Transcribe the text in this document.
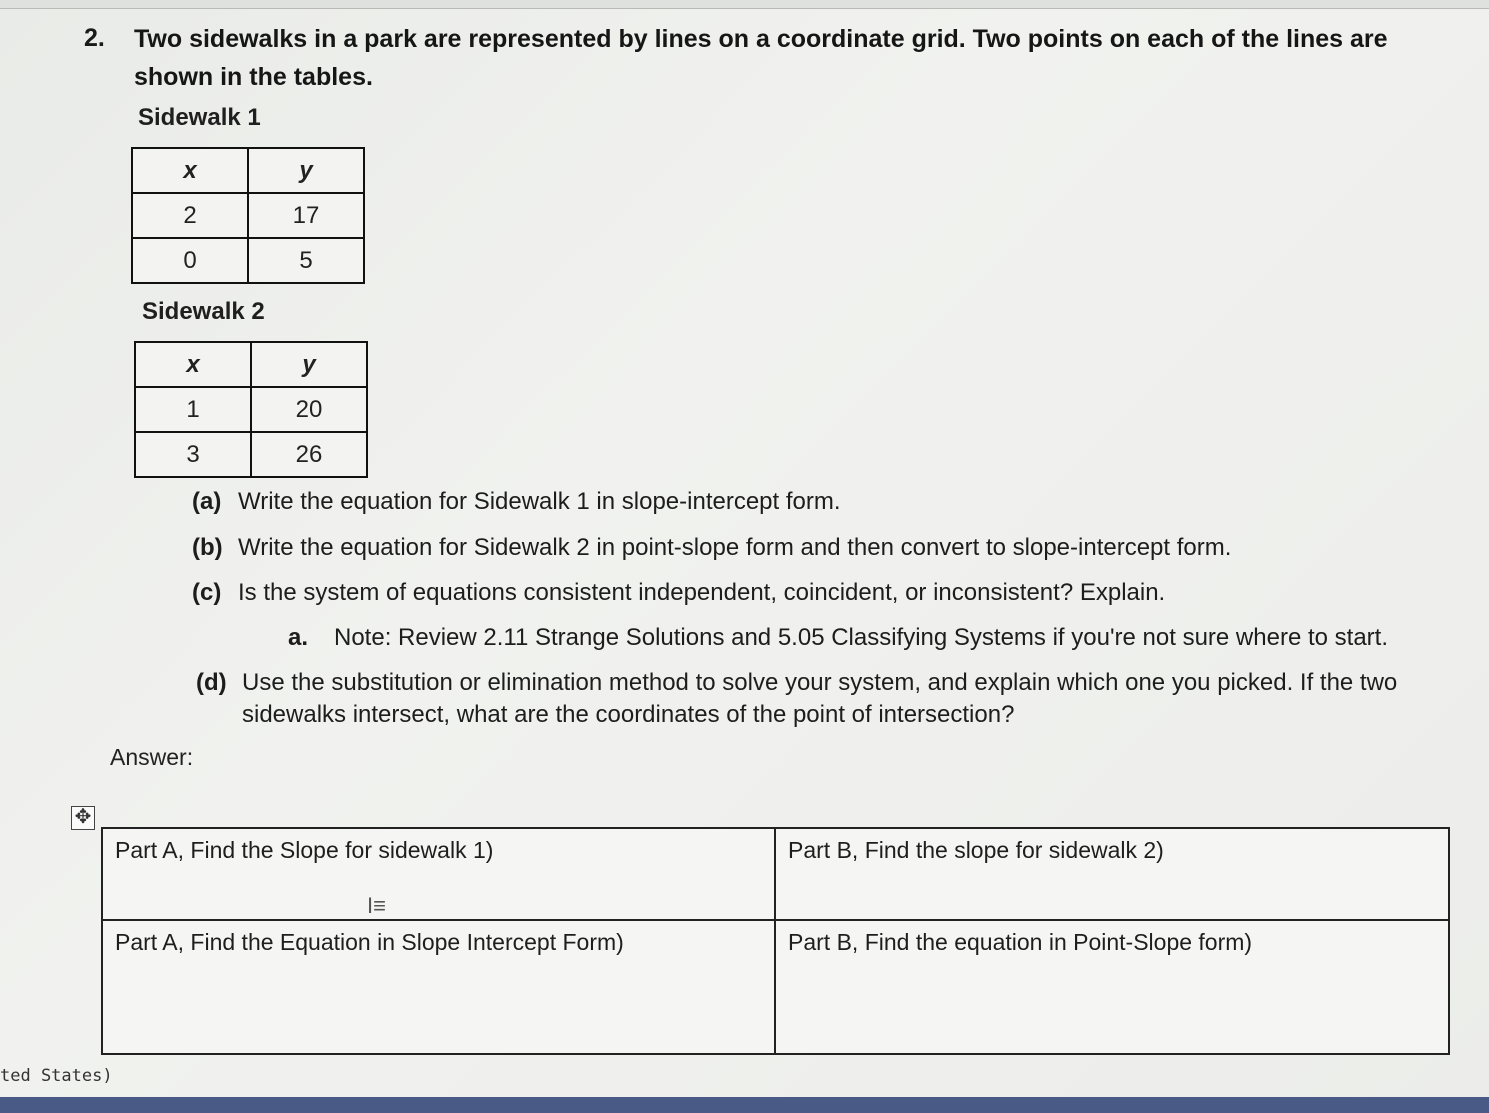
2. Two sidewalks in a park are represented by lines on a coordinate grid. Two points on each of the lines are shown in the tables.
Sidewalk 1
x	y
2	17
0	5
Sidewalk 2
x	y
1	20
3	26
(a) Write the equation for Sidewalk 1 in slope-intercept form.
(b) Write the equation for Sidewalk 2 in point-slope form and then convert to slope-intercept form.
(c) Is the system of equations consistent independent, coincident, or inconsistent? Explain.
a. Note: Review 2.11 Strange Solutions and 5.05 Classifying Systems if you're not sure where to start.
(d) Use the substitution or elimination method to solve your system, and explain which one you picked. If the two sidewalks intersect, what are the coordinates of the point of intersection?
Answer:
✥
Part A, Find the Slope for sidewalk 1)	Part B, Find the slope for sidewalk 2)
Part A, Find the Equation in Slope Intercept Form)	Part B, Find the equation in Point-Slope form)
I≡
ted States)
